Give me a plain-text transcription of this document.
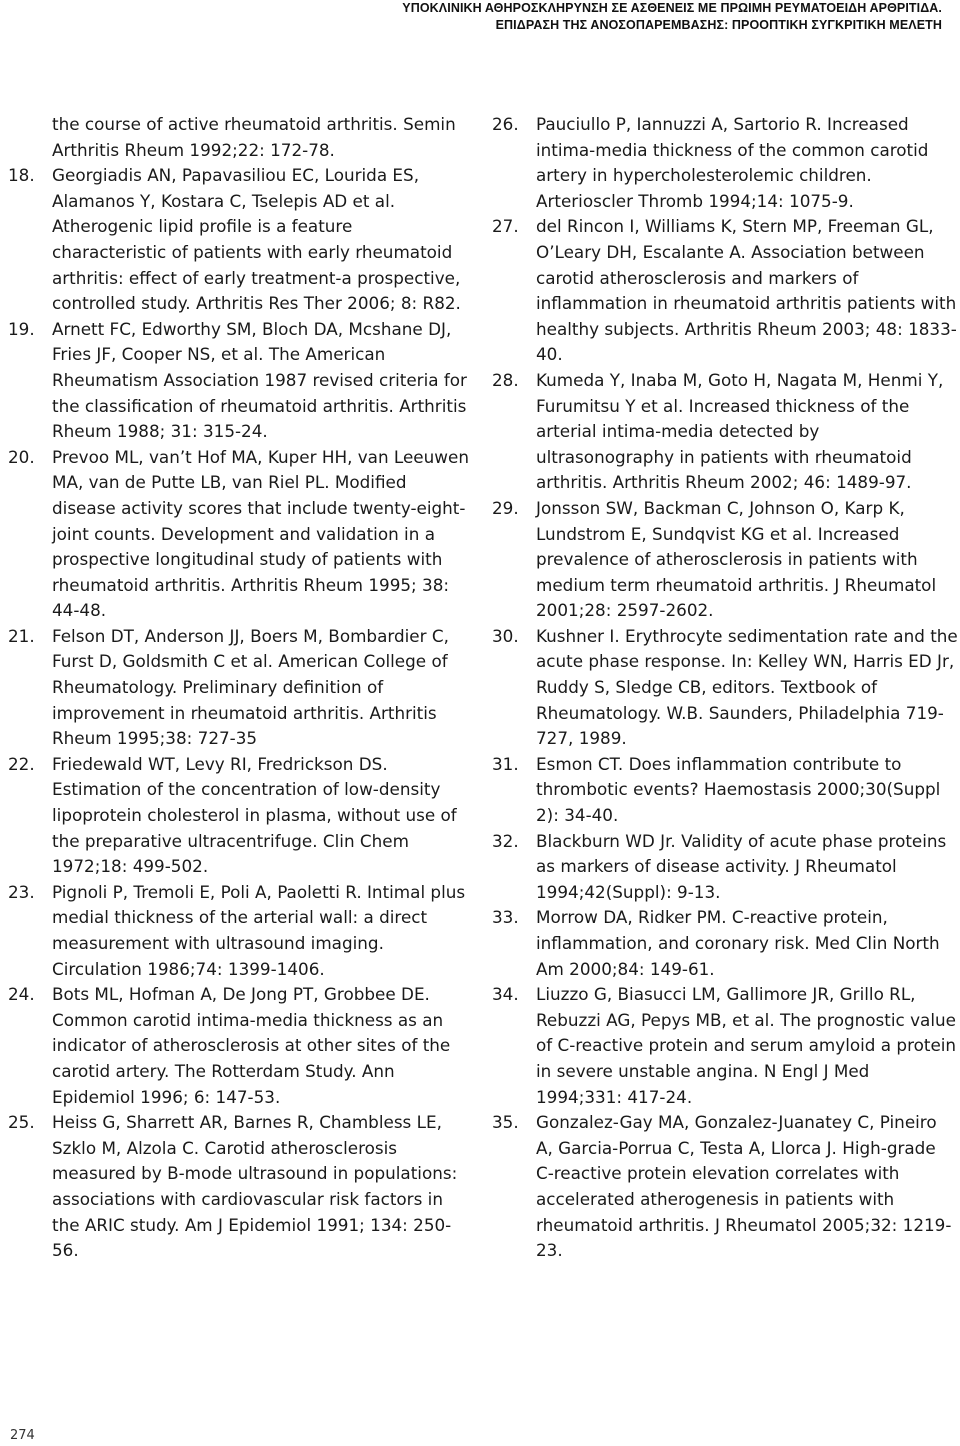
ΥΠΟΚΛΙΝΙΚΗ ΑΘΗΡΟΣΚΛΗΡΥΝΣΗ ΣΕ ΑΣΘΕΝΕΙΣ ΜΕ ΠΡΩΙΜΗ ΡΕΥΜΑΤΟΕΙΔΗ ΑΡΘΡΙΤΙΔΑ.
ΕΠΙΔΡΑΣΗ ΤΗΣ ΑΝΟΣΟΠΑΡΕΜΒΑΣΗΣ: ΠΡΟΟΠΤΙΚΗ ΣΥΓΚΡΙΤΙΚΗ ΜΕΛΕΤΗ
the course of active rheumatoid arthritis. Semin Arthritis Rheum 1992;22: 172-78.
18.	Georgiadis AN, Papavasiliou EC, Lourida ES, Alamanos Y, Kostara C, Tselepis AD et al. Atherogenic lipid profile is a feature characteristic of patients with early rheumatoid arthritis: effect of early treatment-a prospective, controlled study. Arthritis Res Ther 2006; 8: R82.
19.	Arnett FC, Edworthy SM, Bloch DA, Mcshane DJ, Fries JF, Cooper NS, et al. The American Rheumatism Association 1987 revised criteria for the classification of rheumatoid arthritis. Arthritis Rheum 1988; 31: 315-24.
20.	Prevoo ML, van’t Hof MA, Kuper HH, van Leeuwen MA, van de Putte LB, van Riel PL. Modified disease activity scores that include twenty-eight-joint counts. Development and validation in a prospective longitudinal study of patients with rheumatoid arthritis. Arthritis Rheum 1995; 38: 44-48.
21.	Felson DT, Anderson JJ, Boers M, Bombardier C, Furst D, Goldsmith C et al. American College of Rheumatology. Preliminary definition of improvement in rheumatoid arthritis. Arthritis Rheum 1995;38: 727-35
22.	Friedewald WT, Levy RI, Fredrickson DS. Estimation of the concentration of low-density lipoprotein cholesterol in plasma, without use of the preparative ultracentrifuge. Clin Chem 1972;18: 499-502.
23.	Pignoli P, Tremoli E, Poli A, Paoletti R. Intimal plus medial thickness of the arterial wall: a direct measurement with ultrasound imaging. Circulation 1986;74: 1399-1406.
24.	Bots ML, Hofman A, De Jong PT, Grobbee DE. Common carotid intima-media thickness as an indicator of atherosclerosis at other sites of the carotid artery. The Rotterdam Study. Ann Epidemiol 1996; 6: 147-53.
25.	Heiss G, Sharrett AR, Barnes R, Chambless LE, Szklo M, Alzola C. Carotid atherosclerosis measured by B-mode ultrasound in populations: associations with cardiovascular risk factors in the ARIC study. Am J Epidemiol 1991; 134: 250-56.
26.	Pauciullo P, Iannuzzi A, Sartorio R. Increased intima-media thickness of the common carotid artery in hypercholesterolemic children. Arterioscler Thromb 1994;14: 1075-9.
27.	del Rincon I, Williams K, Stern MP, Freeman GL, O’Leary DH, Escalante A. Association between carotid atherosclerosis and markers of inflammation in rheumatoid arthritis patients with healthy subjects. Arthritis Rheum 2003; 48: 1833-40.
28.	Kumeda Y, Inaba M, Goto H, Nagata M, Henmi Y, Furumitsu Y et al. Increased thickness of the arterial intima-media detected by ultrasonography in patients with rheumatoid arthritis. Arthritis Rheum 2002; 46: 1489-97.
29.	Jonsson SW, Backman C, Johnson O, Karp K, Lundstrom E, Sundqvist KG et al. Increased prevalence of atherosclerosis in patients with medium term rheumatoid arthritis. J Rheumatol 2001;28: 2597-2602.
30.	Kushner I. Erythrocyte sedimentation rate and the acute phase response. In: Kelley WN, Harris ED Jr, Ruddy S, Sledge CB, editors. Textbook of Rheumatology. W.B. Saunders, Philadelphia 719-727, 1989.
31.	Esmon CT. Does inflammation contribute to thrombotic events? Haemostasis 2000;30(Suppl 2): 34-40.
32.	Blackburn WD Jr. Validity of acute phase proteins as markers of disease activity. J Rheumatol 1994;42(Suppl): 9-13.
33.	Morrow DA, Ridker PM. C-reactive protein, inflammation, and coronary risk. Med Clin North Am 2000;84: 149-61.
34.	Liuzzo G, Biasucci LM, Gallimore JR, Grillo RL, Rebuzzi AG, Pepys MB, et al. The prognostic value of C-reactive protein and serum amyloid a protein in severe unstable angina. N Engl J Med 1994;331: 417-24.
35.	Gonzalez-Gay MA, Gonzalez-Juanatey C, Pineiro A, Garcia-Porrua C, Testa A, Llorca J. High-grade C-reactive protein elevation correlates with accelerated atherogenesis in patients with rheumatoid arthritis. J Rheumatol 2005;32: 1219-23.
274
